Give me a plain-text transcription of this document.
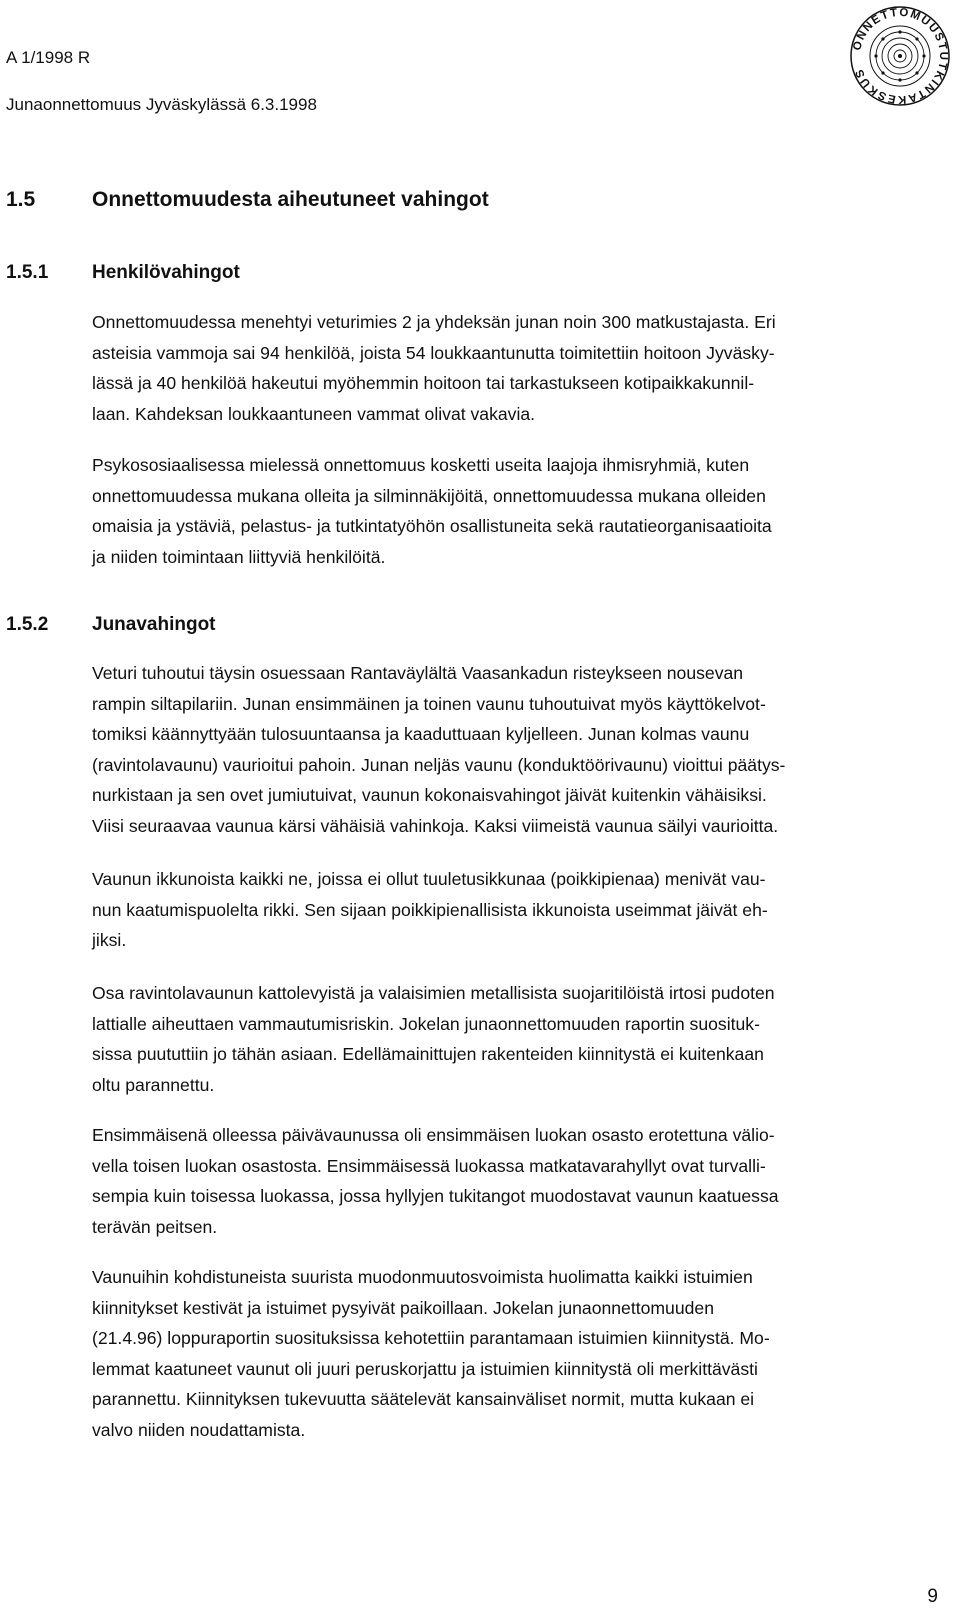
A 1/1998 R
Junaonnettomuus Jyväskylässä 6.3.1998
ONNETTOMUUSTUTKINTAKESKUS
1.5	Onnettomuudesta aiheutuneet vahingot
1.5.1 Henkilövahingot

Onnettomuudessa menehtyi veturimies 2 ja yhdeksän junan noin 300 matkustajasta. Eri
asteisia vammoja sai 94 henkilöä, joista 54 loukkaantunutta toimitettiin hoitoon Jyväsky-
lässä ja 40 henkilöä hakeutui myöhemmin hoitoon tai tarkastukseen kotipaikkakunnil-
laan. Kahdeksan loukkaantuneen vammat olivat vakavia.

Psykososiaalisessa mielessä onnettomuus kosketti useita laajoja ihmisryhmiä, kuten
onnettomuudessa mukana olleita ja silminnäkijöitä, onnettomuudessa mukana olleiden
omaisia ja ystäviä, pelastus- ja tutkintatyöhön osallistuneita sekä rautatieorganisaatioita
ja niiden toimintaan liittyviä henkilöitä.

1.5.2 Junavahingot

Veturi tuhoutui täysin osuessaan Rantaväylältä Vaasankadun risteykseen nousevan
rampin siltapilariin. Junan ensimmäinen ja toinen vaunu tuhoutuivat myös käyttökelvot-
tomiksi käännyttyään tulosuuntaansa ja kaaduttuaan kyljelleen. Junan kolmas vaunu
(ravintolavaunu) vaurioitui pahoin. Junan neljäs vaunu (konduktöörivaunu) vioittui päätys-
nurkistaan ja sen ovet jumiutuivat, vaunun kokonaisvahingot jäivät kuitenkin vähäisiksi.
Viisi seuraavaa vaunua kärsi vähäisiä vahinkoja. Kaksi viimeistä vaunua säilyi vaurioitta.

Vaunun ikkunoista kaikki ne, joissa ei ollut tuuletusikkunaa (poikkipienaa) menivät vau-
nun kaatumispuolelta rikki. Sen sijaan poikkipienallisista ikkunoista useimmat jäivät eh-
jiksi.

Osa ravintolavaunun kattolevyistä ja valaisimien metallisista suojaritilöistä irtosi pudoten
lattialle aiheuttaen vammautumisriskin. Jokelan junaonnettomuuden raportin suosituk-
sissa puututtiin jo tähän asiaan. Edellämainittujen rakenteiden kiinnitystä ei kuitenkaan
oltu parannettu.

Ensimmäisenä olleessa päivävaunussa oli ensimmäisen luokan osasto erotettuna välio-
vella toisen luokan osastosta. Ensimmäisessä luokassa matkatavarahyllyt ovat turvalli-
sempia kuin toisessa luokassa, jossa hyllyjen tukitangot muodostavat vaunun kaatuessa
terävän peitsen.

Vaunuihin kohdistuneista suurista muodonmuutosvoimista huolimatta kaikki istuimien
kiinnitykset kestivät ja istuimet pysyivät paikoillaan. Jokelan junaonnettomuuden
(21.4.96) loppuraportin suosituksissa kehotettiin parantamaan istuimien kiinnitystä. Mo-
lemmat kaatuneet vaunut oli juuri peruskorjattu ja istuimien kiinnitystä oli merkittävästi
parannettu. Kiinnityksen tukevuutta säätelevät kansainväliset normit, mutta kukaan ei
valvo niiden noudattamista.

9
